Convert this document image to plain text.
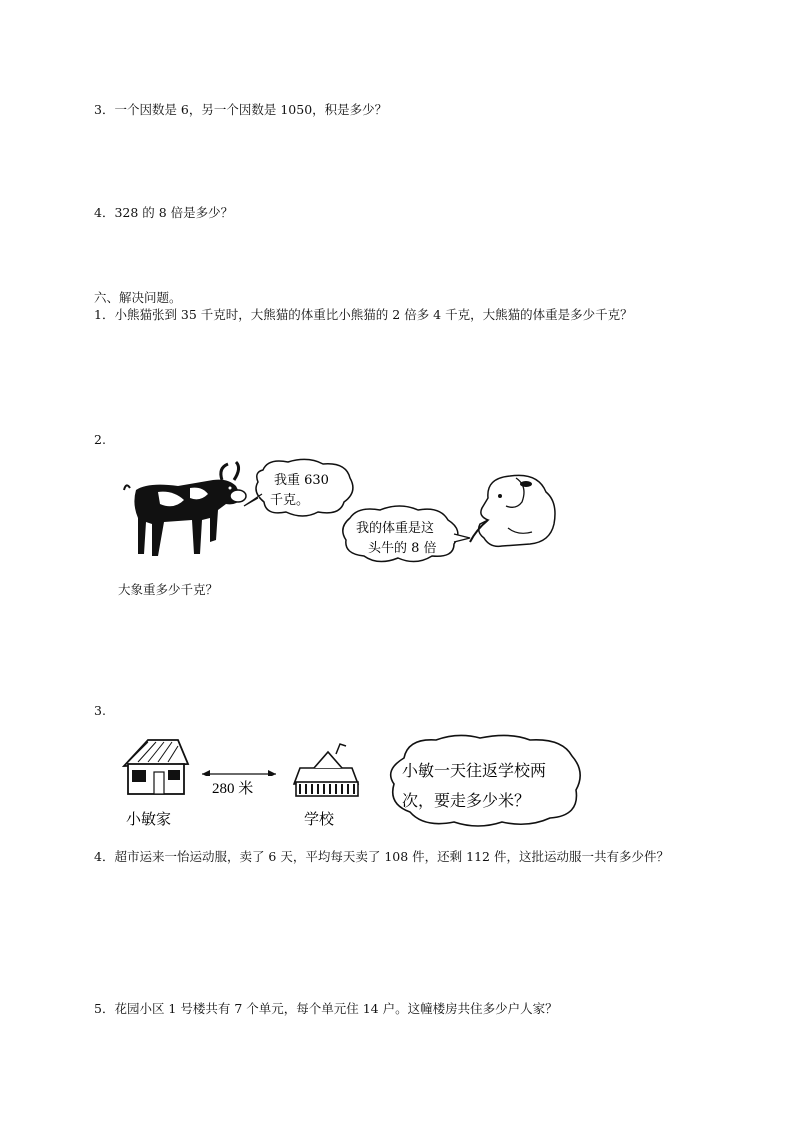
3．一个因数是 6，另一个因数是 1050，积是多少？
4．328 的 8 倍是多少？
六、解决问题。
1．小熊猫张到 35 千克时，大熊猫的体重比小熊猫的 2 倍多 4 千克，大熊猫的体重是多少千克？
2.
我重 630
千克。
我的体重是这
头牛的 8 倍
大象重多少千克？
3.
280 米
小敏家	学校
小敏一天往返学校两
次，要走多少米？
4．超市运来一怡运动服，卖了 6 天，平均每天卖了 108 件，还剩 112 件，这批运动服一共有多少件？
5．花园小区 1 号楼共有 7 个单元，每个单元住 14 户。这幢楼房共住多少户人家？
